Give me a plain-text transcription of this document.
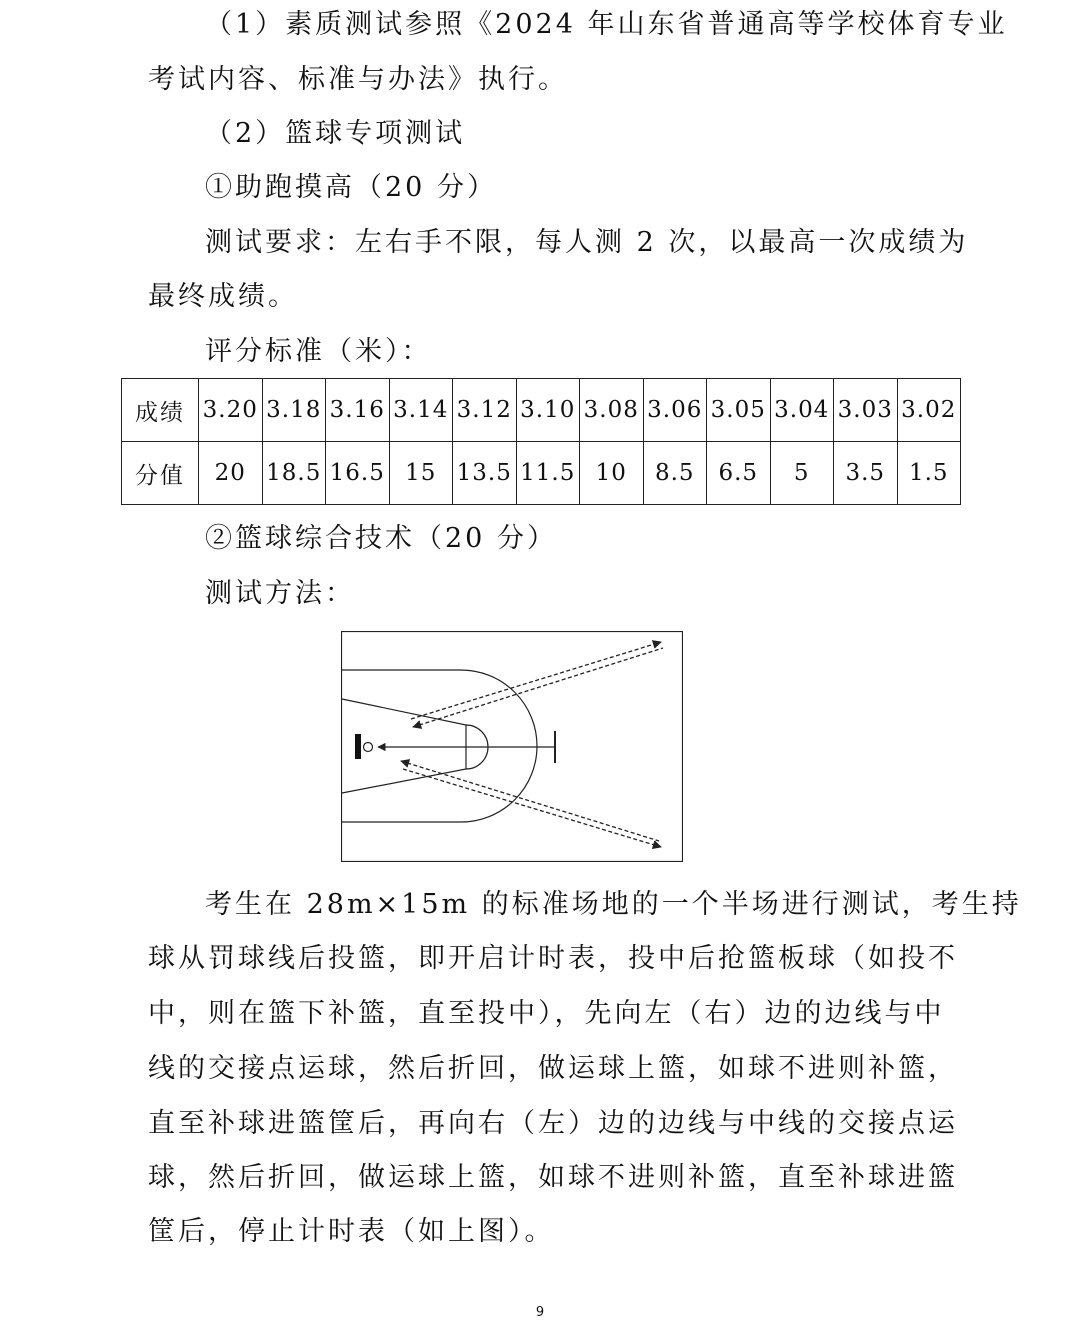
（1）素质测试参照《2024 年山东省普通高等学校体育专业
考试内容、标准与办法》执行。
（2）篮球专项测试
①助跑摸高（20 分）
测试要求：左右手不限，每人测 2 次，以最高一次成绩为
最终成绩。
评分标准（米）：
成绩	3.20	3.18	3.16	3.14	3.12	3.10	3.08	3.06	3.05	3.04	3.03	3.02
分值	20	18.5	16.5	15	13.5	11.5	10	8.5	6.5	5	3.5	1.5
②篮球综合技术（20 分）
测试方法：
考生在 28m×15m 的标准场地的一个半场进行测试，考生持
球从罚球线后投篮，即开启计时表，投中后抢篮板球（如投不
中，则在篮下补篮，直至投中），先向左（右）边的边线与中
线的交接点运球，然后折回，做运球上篮，如球不进则补篮，
直至补球进篮筐后，再向右（左）边的边线与中线的交接点运
球，然后折回，做运球上篮，如球不进则补篮，直至补球进篮
筐后，停止计时表（如上图）。
9
